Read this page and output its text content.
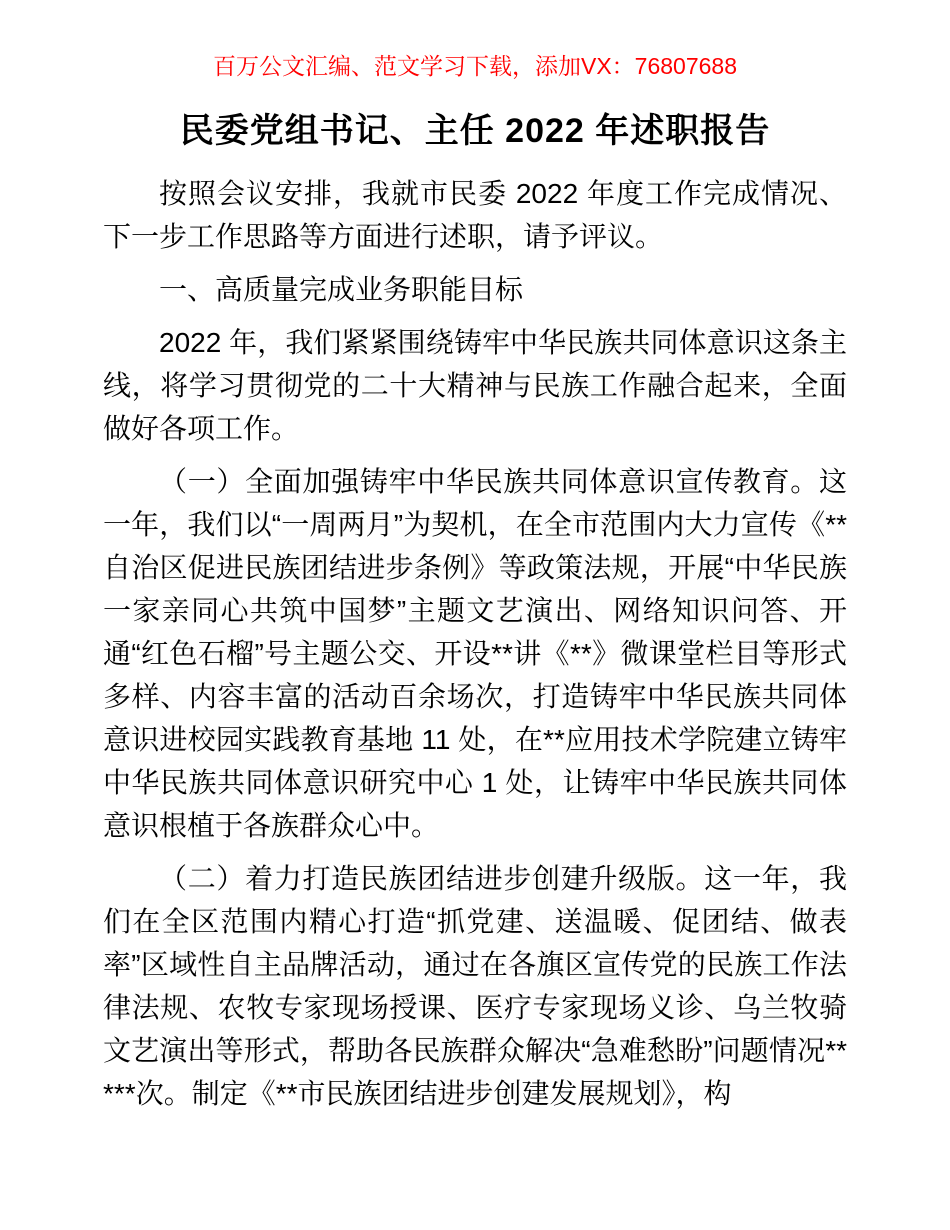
百万公文汇编、范文学习下载，添加VX：76807688
民委党组书记、主任 2022 年述职报告

按照会议安排，我就市民委 2022 年度工作完成情况、下一步工作思路等方面进行述职，请予评议。

一、高质量完成业务职能目标

2022 年，我们紧紧围绕铸牢中华民族共同体意识这条主线，将学习贯彻党的二十大精神与民族工作融合起来，全面做好各项工作。

（一）全面加强铸牢中华民族共同体意识宣传教育。这一年，我们以“一周两月”为契机，在全市范围内大力宣传《**自治区促进民族团结进步条例》等政策法规，开展“中华民族一家亲同心共筑中国梦”主题文艺演出、网络知识问答、开通“红色石榴”号主题公交、开设**讲《**》微课堂栏目等形式多样、内容丰富的活动百余场次，打造铸牢中华民族共同体意识进校园实践教育基地 11 处，在**应用技术学院建立铸牢中华民族共同体意识研究中心 1 处，让铸牢中华民族共同体意识根植于各族群众心中。

（二）着力打造民族团结进步创建升级版。这一年，我们在全区范围内精心打造“抓党建、送温暖、促团结、做表率”区域性自主品牌活动，通过在各旗区宣传党的民族工作法律法规、农牧专家现场授课、医疗专家现场义诊、乌兰牧骑文艺演出等形式，帮助各民族群众解决“急难愁盼”问题情况*****次。制定《**市民族团结进步创建发展规划》，构
